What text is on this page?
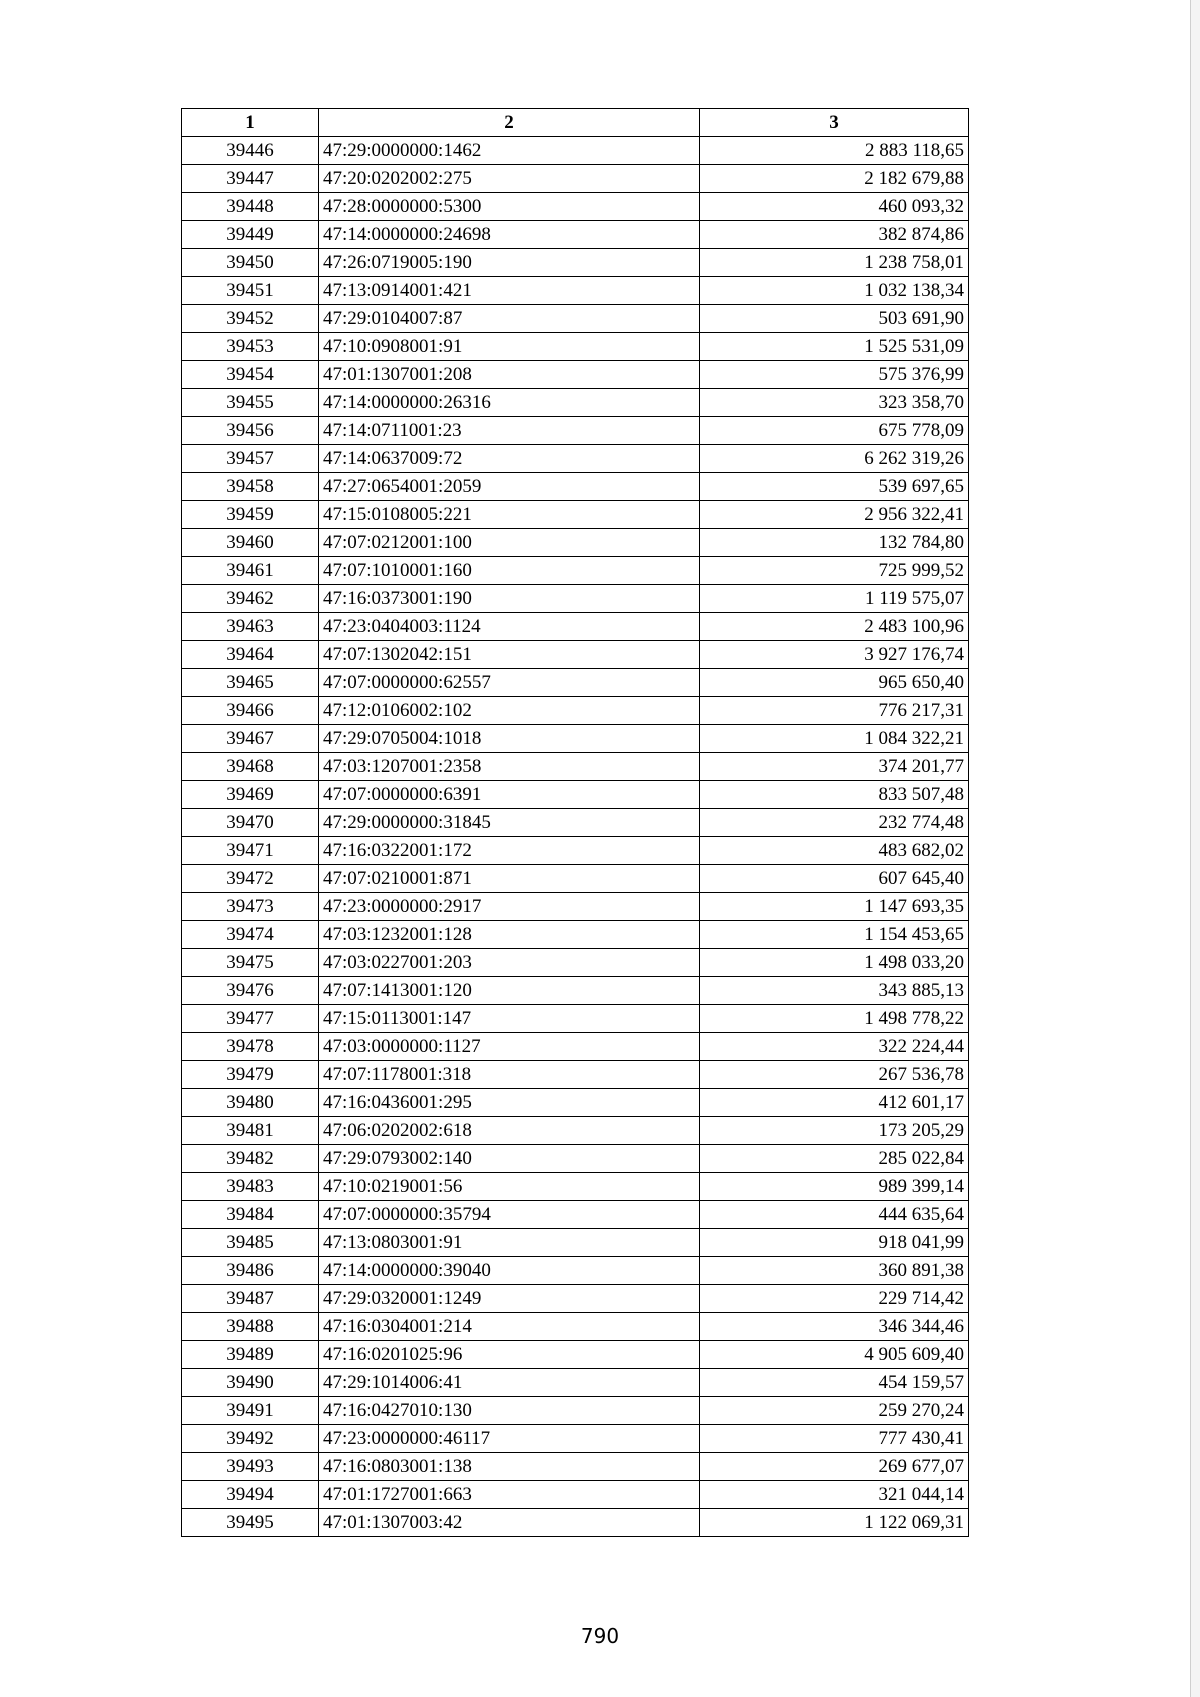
1	2	3
39446	47:29:0000000:1462	2 883 118,65
39447	47:20:0202002:275	2 182 679,88
39448	47:28:0000000:5300	460 093,32
39449	47:14:0000000:24698	382 874,86
39450	47:26:0719005:190	1 238 758,01
39451	47:13:0914001:421	1 032 138,34
39452	47:29:0104007:87	503 691,90
39453	47:10:0908001:91	1 525 531,09
39454	47:01:1307001:208	575 376,99
39455	47:14:0000000:26316	323 358,70
39456	47:14:0711001:23	675 778,09
39457	47:14:0637009:72	6 262 319,26
39458	47:27:0654001:2059	539 697,65
39459	47:15:0108005:221	2 956 322,41
39460	47:07:0212001:100	132 784,80
39461	47:07:1010001:160	725 999,52
39462	47:16:0373001:190	1 119 575,07
39463	47:23:0404003:1124	2 483 100,96
39464	47:07:1302042:151	3 927 176,74
39465	47:07:0000000:62557	965 650,40
39466	47:12:0106002:102	776 217,31
39467	47:29:0705004:1018	1 084 322,21
39468	47:03:1207001:2358	374 201,77
39469	47:07:0000000:6391	833 507,48
39470	47:29:0000000:31845	232 774,48
39471	47:16:0322001:172	483 682,02
39472	47:07:0210001:871	607 645,40
39473	47:23:0000000:2917	1 147 693,35
39474	47:03:1232001:128	1 154 453,65
39475	47:03:0227001:203	1 498 033,20
39476	47:07:1413001:120	343 885,13
39477	47:15:0113001:147	1 498 778,22
39478	47:03:0000000:1127	322 224,44
39479	47:07:1178001:318	267 536,78
39480	47:16:0436001:295	412 601,17
39481	47:06:0202002:618	173 205,29
39482	47:29:0793002:140	285 022,84
39483	47:10:0219001:56	989 399,14
39484	47:07:0000000:35794	444 635,64
39485	47:13:0803001:91	918 041,99
39486	47:14:0000000:39040	360 891,38
39487	47:29:0320001:1249	229 714,42
39488	47:16:0304001:214	346 344,46
39489	47:16:0201025:96	4 905 609,40
39490	47:29:1014006:41	454 159,57
39491	47:16:0427010:130	259 270,24
39492	47:23:0000000:46117	777 430,41
39493	47:16:0803001:138	269 677,07
39494	47:01:1727001:663	321 044,14
39495	47:01:1307003:42	1 122 069,31
790
